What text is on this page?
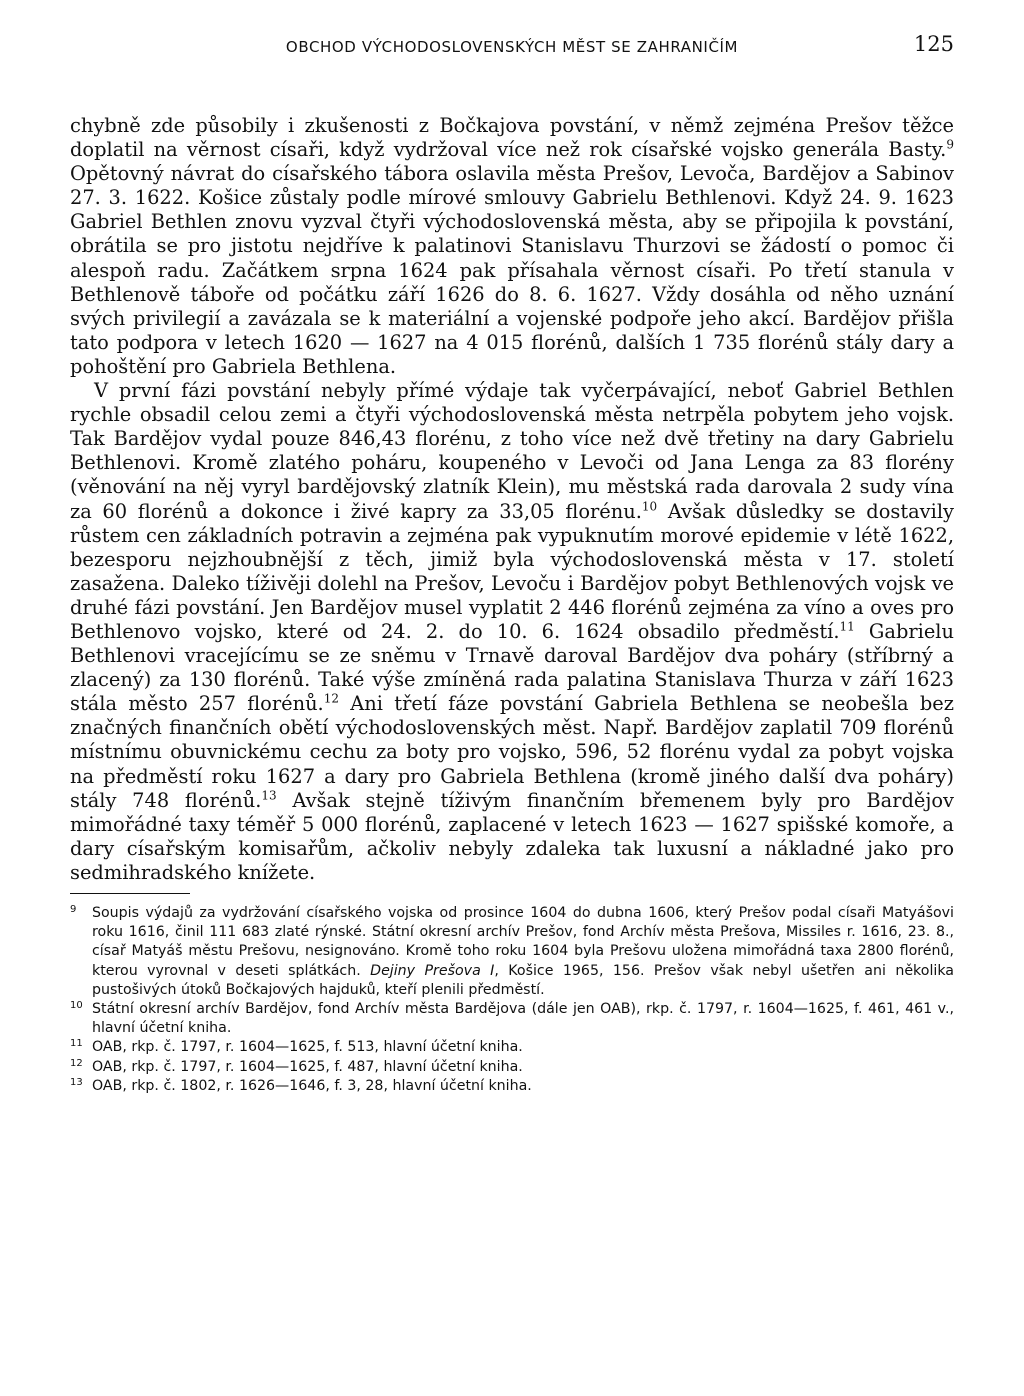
OBCHOD VÝCHODOSLOVENSKÝCH MĚST SE ZAHRANIČÍM	125

chybně zde působily i zkušenosti z Bočkajova povstání, v němž zejména Prešov těžce doplatil na věrnost císaři, když vydržoval více než rok císařské vojsko generála Basty.$^9$ Opětovný návrat do císařského tábora oslavila města Prešov, Levoča, Bardějov a Sabinov 27. 3. 1622. Košice zůstaly podle mírové smlouvy Gabrielu Bethlenovi. Když 24. 9. 1623 Gabriel Bethlen znovu vyzval čtyři východoslovenská města, aby se připojila k povstání, obrátila se pro jistotu nejdříve k palatinovi Stanislavu Thurzovi se žádostí o pomoc či alespoň radu. Začátkem srpna 1624 pak přísahala věrnost císaři. Po třetí stanula v Bethlenově táboře od počátku září 1626 do 8. 6. 1627. Vždy dosáhla od něho uznání svých privilegií a zavázala se k materiální a vojenské podpoře jeho akcí. Bardějov přišla tato podpora v letech 1620 — 1627 na 4 015 florénů, dalších 1 735 florénů stály dary a pohoštění pro Gabriela Bethlena.

V první fázi povstání nebyly přímé výdaje tak vyčerpávající, neboť Gabriel Bethlen rychle obsadil celou zemi a čtyři východoslovenská města netrpěla pobytem jeho vojsk. Tak Bardějov vydal pouze 846,43 florénu, z toho více než dvě třetiny na dary Gabrielu Bethlenovi. Kromě zlatého poháru, koupeného v Levoči od Jana Lenga za 83 florény (věnování na něj vyryl bardějovský zlatník Klein), mu městská rada darovala 2 sudy vína za 60 florénů a dokonce i živé kapry za 33,05 florénu.$^{10}$ Avšak důsledky se dostavily růstem cen základních potravin a zejména pak vypuknutím morové epidemie v létě 1622, bezesporu nejzhoubnější z těch, jimiž byla východoslovenská města v 17. století zasažena. Daleko tíživěji dolehl na Prešov, Levoču i Bardějov pobyt Bethlenových vojsk ve druhé fázi povstání. Jen Bardějov musel vyplatit 2 446 florénů zejména za víno a oves pro Bethlenovo vojsko, které od 24. 2. do 10. 6. 1624 obsadilo předměstí.$^{11}$ Gabrielu Bethlenovi vracejícímu se ze sněmu v Trnavě daroval Bardějov dva poháry (stříbrný a zlacený) za 130 florénů. Také výše zmíněná rada palatina Stanislava Thurza v září 1623 stála město 257 florénů.$^{12}$ Ani třetí fáze povstání Gabriela Bethlena se neobešla bez značných finančních obětí východoslovenských měst. Např. Bardějov zaplatil 709 florénů místnímu obuvnickému cechu za boty pro vojsko, 596, 52 florénu vydal za pobyt vojska na předměstí roku 1627 a dary pro Gabriela Bethlena (kromě jiného další dva poháry) stály 748 florénů.$^{13}$ Avšak stejně tíživým finančním břemenem byly pro Bardějov mimořádné taxy téměř 5 000 florénů, zaplacené v letech 1623 — 1627 spišské komoře, a dary císařským komisařům, ačkoliv nebyly zdaleka tak luxusní a nákladné jako pro sedmihradského knížete.

9 Soupis výdajů za vydržování císařského vojska od prosince 1604 do dubna 1606, který Prešov podal císaři Matyášovi roku 1616, činil 111 683 zlaté rýnské. Státní okresní archív Prešov, fond Archív města Prešova, Missiles r. 1616, 23. 8., císař Matyáš městu Prešovu, nesignováno. Kromě toho roku 1604 byla Prešovu uložena mimořádná taxa 2800 florénů, kterou vyrovnal v deseti splátkách. Dejiny Prešova I, Košice 1965, 156. Prešov však nebyl ušetřen ani několika pustošivých útoků Bočkajových hajduků, kteří plenili předměstí.
10 Státní okresní archív Bardějov, fond Archív města Bardějova (dále jen OAB), rkp. č. 1797, r. 1604—1625, f. 461, 461 v., hlavní účetní kniha.
11 OAB, rkp. č. 1797, r. 1604—1625, f. 513, hlavní účetní kniha.
12 OAB, rkp. č. 1797, r. 1604—1625, f. 487, hlavní účetní kniha.
13 OAB, rkp. č. 1802, r. 1626—1646, f. 3, 28, hlavní účetní kniha.
